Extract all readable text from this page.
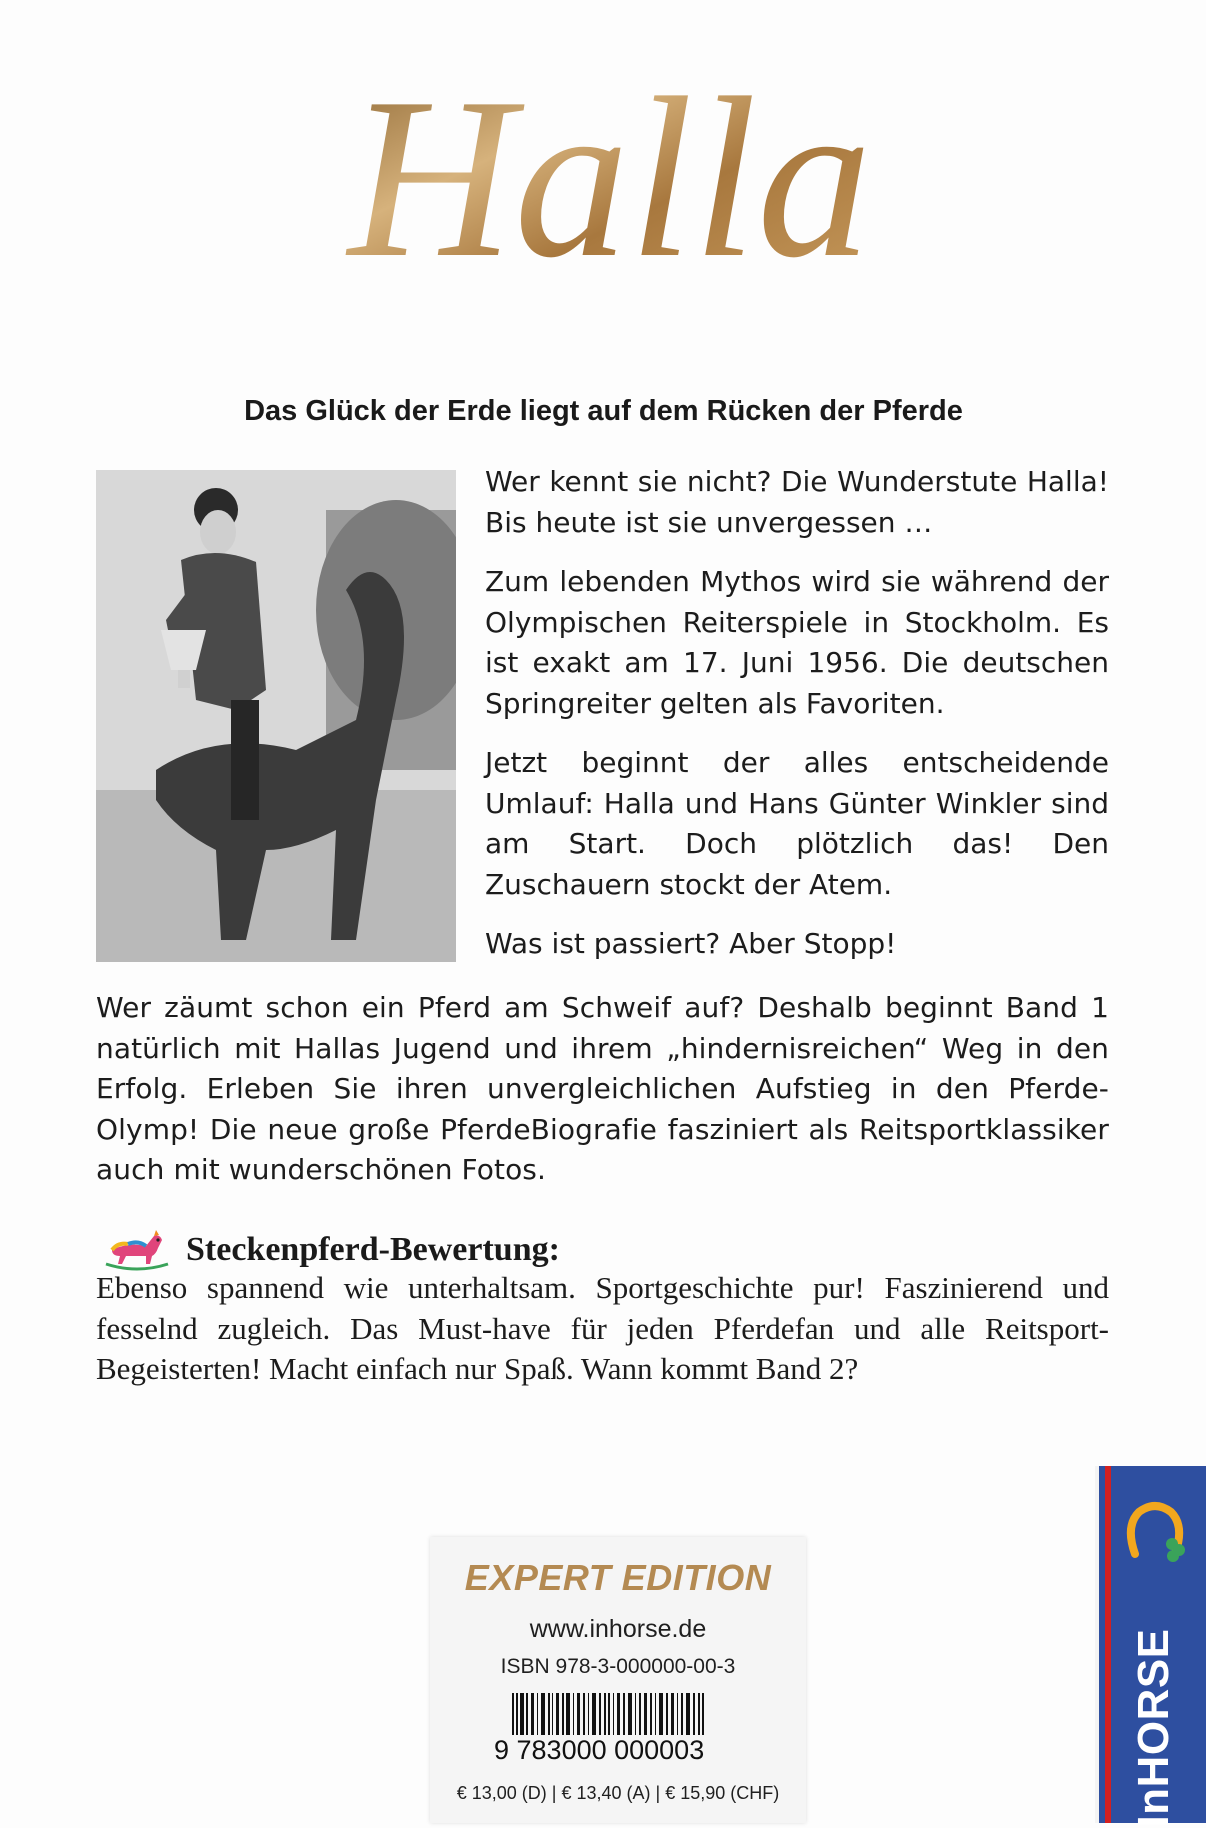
Halla
Das Glück der Erde liegt auf dem Rücken der Pferde

Wer kennt sie nicht? Die Wunderstute Halla! Bis heute ist sie unvergessen …

Zum lebenden Mythos wird sie während der Olympischen Reiterspiele in Stockholm. Es ist exakt am 17. Juni 1956. Die deutschen Springreiter gelten als Favoriten.

Jetzt beginnt der alles entscheidende Umlauf: Halla und Hans Günter Winkler sind am Start. Doch plötzlich das! Den Zuschauern stockt der Atem.

Was ist passiert? Aber Stopp!

Wer zäumt schon ein Pferd am Schweif auf? Deshalb beginnt Band 1 natürlich mit Hallas Jugend und ihrem „hindernisreichen“ Weg in den Erfolg. Erleben Sie ihren unvergleichlichen Aufstieg in den Pferde-Olymp! Die neue große PferdeBiografie fasziniert als Reitsportklassiker auch mit wunderschönen Fotos.
Steckenpferd-Bewertung:
Ebenso spannend wie unterhaltsam. Sportgeschichte pur! Faszinierend und fesselnd zugleich. Das Must-have für jeden Pferdefan und alle Reitsport-Begeisterten! Macht einfach nur Spaß. Wann kommt Band 2?
EXPERT EDITION
www.inhorse.de
ISBN 978-3-000000-00-3
9 783000 000003
€ 13,00 (D) | € 13,40 (A) | € 15,90 (CHF)	InHORSE
